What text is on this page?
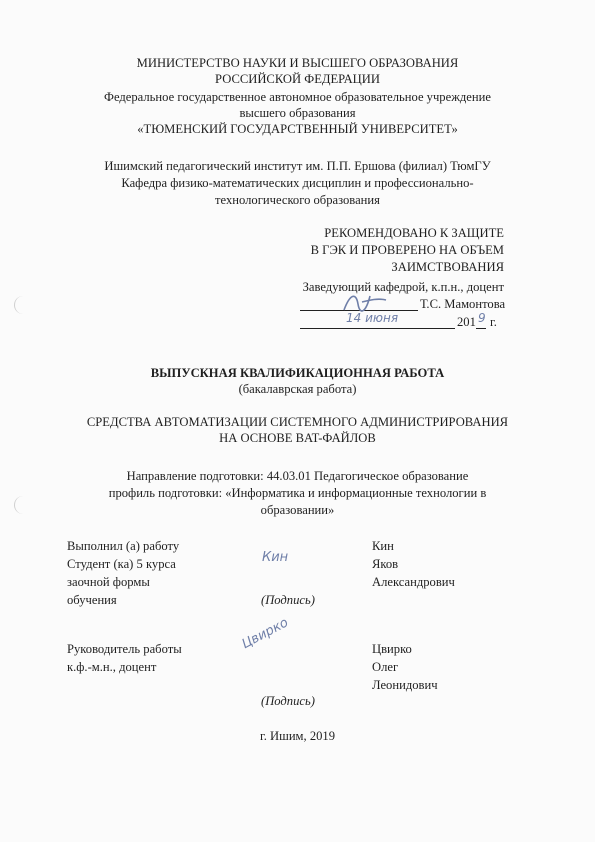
МИНИСТЕРСТВО НАУКИ И ВЫСШЕГО ОБРАЗОВАНИЯ
РОССИЙСКОЙ ФЕДЕРАЦИИ
Федеральное государственное автономное образовательное учреждение
высшего образования
«ТЮМЕНСКИЙ ГОСУДАРСТВЕННЫЙ УНИВЕРСИТЕТ»
Ишимский педагогический институт им. П.П. Ершова (филиал) ТюмГУ
Кафедра физико-математических дисциплин и профессионально-
технологического образования
РЕКОМЕНДОВАНО К ЗАЩИТЕ
В ГЭК И ПРОВЕРЕНО НА ОБЪЕМ
ЗАИМСТВОВАНИЯ
Заведующий кафедрой, к.п.н., доцент
Т.С. Мамонтова
14 июня	201 9 г.
ВЫПУСКНАЯ КВАЛИФИКАЦИОННАЯ РАБОТА
(бакалаврская работа)
СРЕДСТВА АВТОМАТИЗАЦИИ СИСТЕМНОГО АДМИНИСТРИРОВАНИЯ
НА ОСНОВЕ BAT-ФАЙЛОВ
Направление подготовки: 44.03.01 Педагогическое образование
профиль подготовки: «Информатика и информационные технологии в
образовании»
Выполнил (а) работу
Студент (ка) 5 курса
заочной формы
обучения
Кин
(Подпись)
Кин
Яков
Александрович
Руководитель работы
к.ф.-м.н., доцент
Цвирко
(Подпись)
Цвирко
Олег
Леонидович
г. Ишим, 2019
